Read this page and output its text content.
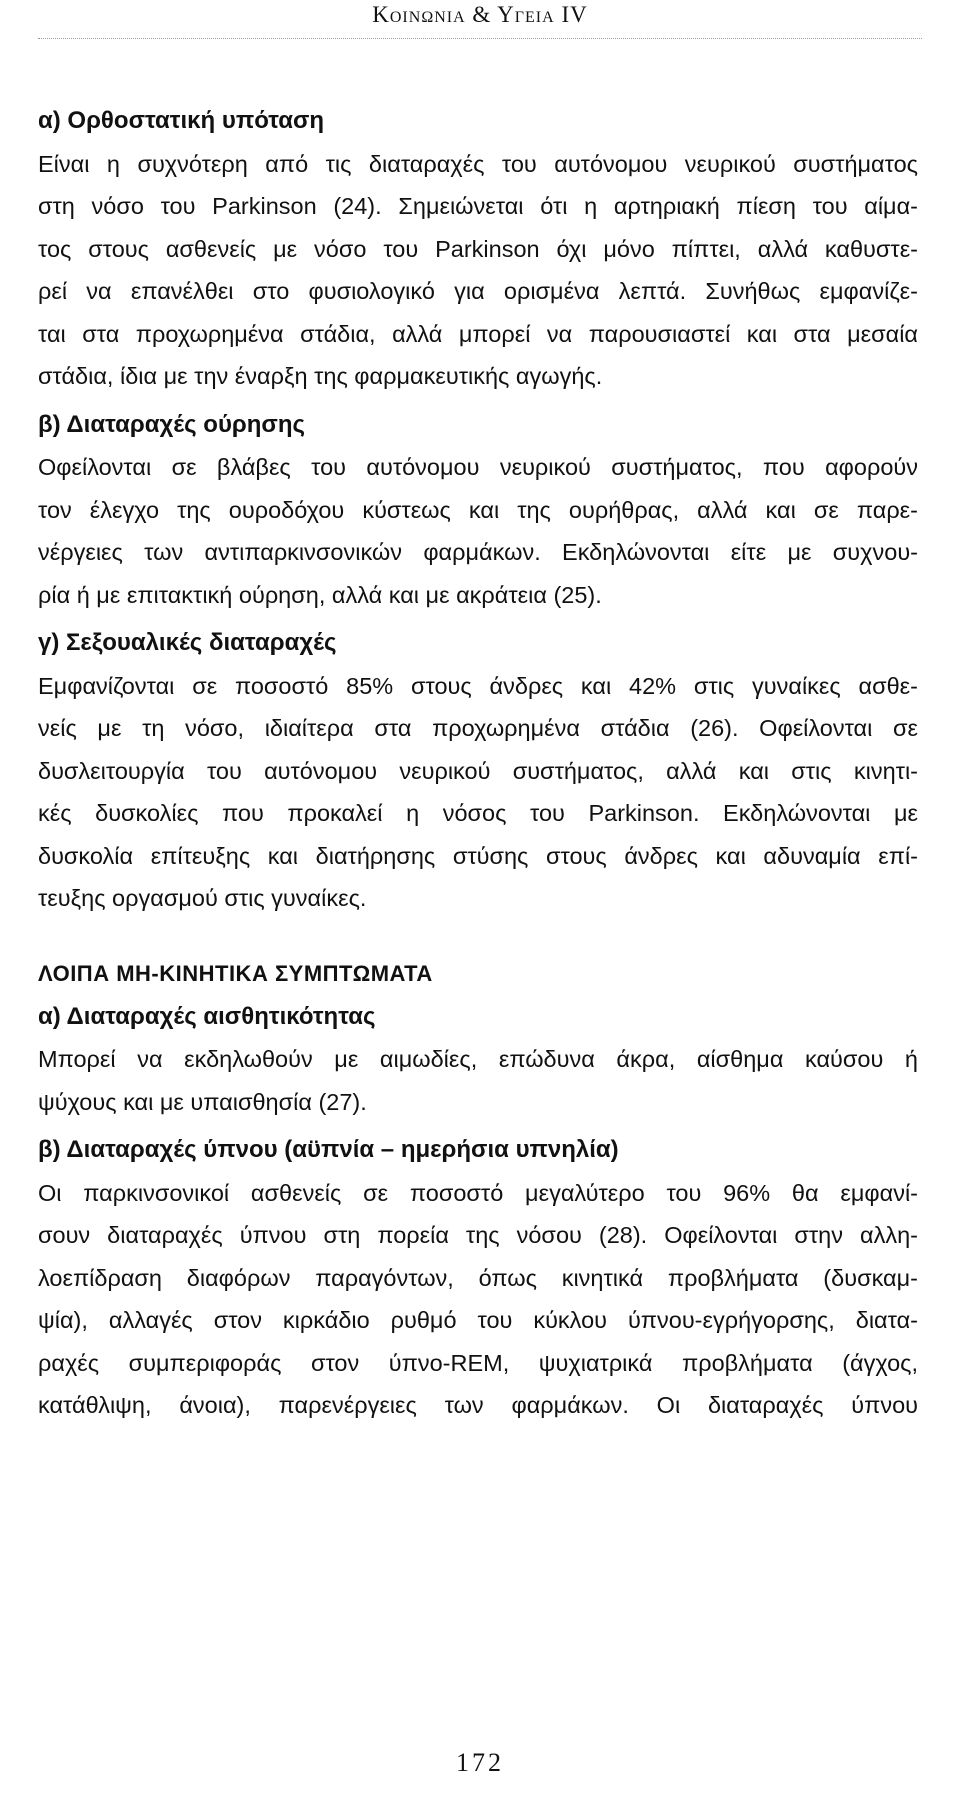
Κοινωνια & Υγεια IV
α) Ορθοστατική υπόταση
Είναι η συχνότερη από τις διαταραχές του αυτόνομου νευρικού συστήματος
στη νόσο του Parkinson (24). Σημειώνεται ότι η αρτηριακή πίεση του αίμα-
τος στους ασθενείς με νόσο του Parkinson όχι μόνο πίπτει, αλλά καθυστε-
ρεί να επανέλθει στο φυσιολογικό για ορισμένα λεπτά. Συνήθως εμφανίζε-
ται στα προχωρημένα στάδια, αλλά μπορεί να παρουσιαστεί και στα μεσαία
στάδια, ίδια με την έναρξη της φαρμακευτικής αγωγής.
β) Διαταραχές ούρησης
Οφείλονται σε βλάβες του αυτόνομου νευρικού συστήματος, που αφορούν
τον έλεγχο της ουροδόχου κύστεως και της ουρήθρας, αλλά και σε παρε-
νέργειες των αντιπαρκινσονικών φαρμάκων. Εκδηλώνονται είτε με συχνου-
ρία ή με επιτακτική ούρηση, αλλά και με ακράτεια (25).
γ) Σεξουαλικές διαταραχές
Εμφανίζονται σε ποσοστό 85% στους άνδρες και 42% στις γυναίκες ασθε-
νείς με τη νόσο, ιδιαίτερα στα προχωρημένα στάδια (26). Οφείλονται σε
δυσλειτουργία του αυτόνομου νευρικού συστήματος, αλλά και στις κινητι-
κές δυσκολίες που προκαλεί η νόσος του Parkinson. Εκδηλώνονται με
δυσκολία επίτευξης και διατήρησης στύσης στους άνδρες και αδυναμία επί-
τευξης οργασμού στις γυναίκες.
ΛΟΙΠΑ ΜΗ-ΚΙΝΗΤΙΚΑ ΣΥΜΠΤΩΜΑΤΑ
α) Διαταραχές αισθητικότητας
Μπορεί να εκδηλωθούν με αιμωδίες, επώδυνα άκρα, αίσθημα καύσου ή
ψύχους και με υπαισθησία (27).
β) Διαταραχές ύπνου (αϋπνία – ημερήσια υπνηλία)
Οι παρκινσονικοί ασθενείς σε ποσοστό μεγαλύτερο του 96% θα εμφανί-
σουν διαταραχές ύπνου στη πορεία της νόσου (28). Οφείλονται στην αλλη-
λοεπίδραση διαφόρων παραγόντων, όπως κινητικά προβλήματα (δυσκαμ-
ψία), αλλαγές στον κιρκάδιο ρυθμό του κύκλου ύπνου-εγρήγορσης, διατα-
ραχές συμπεριφοράς στον ύπνο-REM, ψυχιατρικά προβλήματα (άγχος,
κατάθλιψη, άνοια), παρενέργειες των φαρμάκων. Οι διαταραχές ύπνου
172
